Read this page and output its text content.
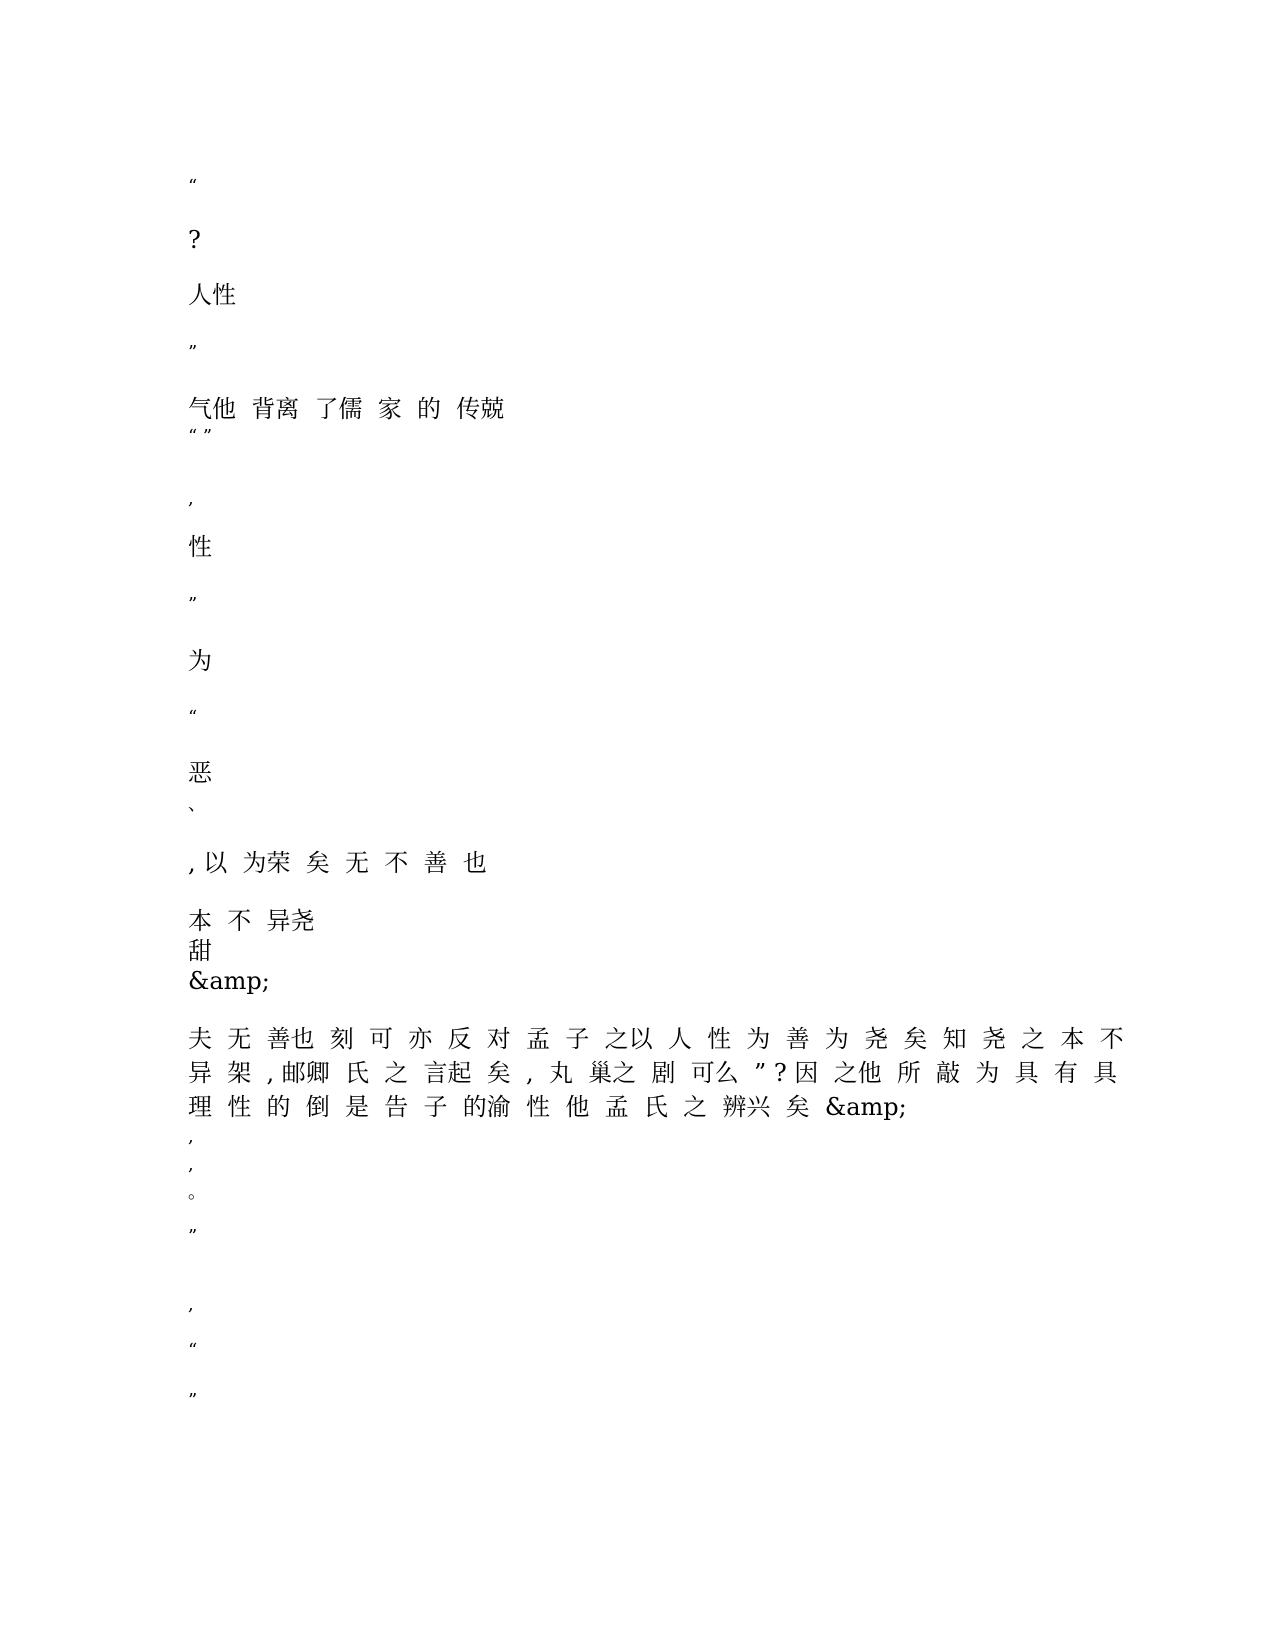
“
?
人性
”
气他  背离  了儒  家  的  传兢
“ ”
,
性
”
为
“
恶
、
, 以  为荣  矣  无  不  善  也
本  不  异尧
甜
&amp;
夫  无  善也  刻  可  亦  反  对  孟  子  之以  人  性  为  善  为  尧  矣  知  尧  之  本  不
异  架  , 邮卿  氏  之  言起  矣  ,  丸  巢之  剧  可么  ” ? 因  之他  所  敲  为  具  有  具
理  性  的  倒  是  告  子  的渝  性  他  孟  氏  之  辨兴  矣  &amp;
,
,
。
”
,
“
”
